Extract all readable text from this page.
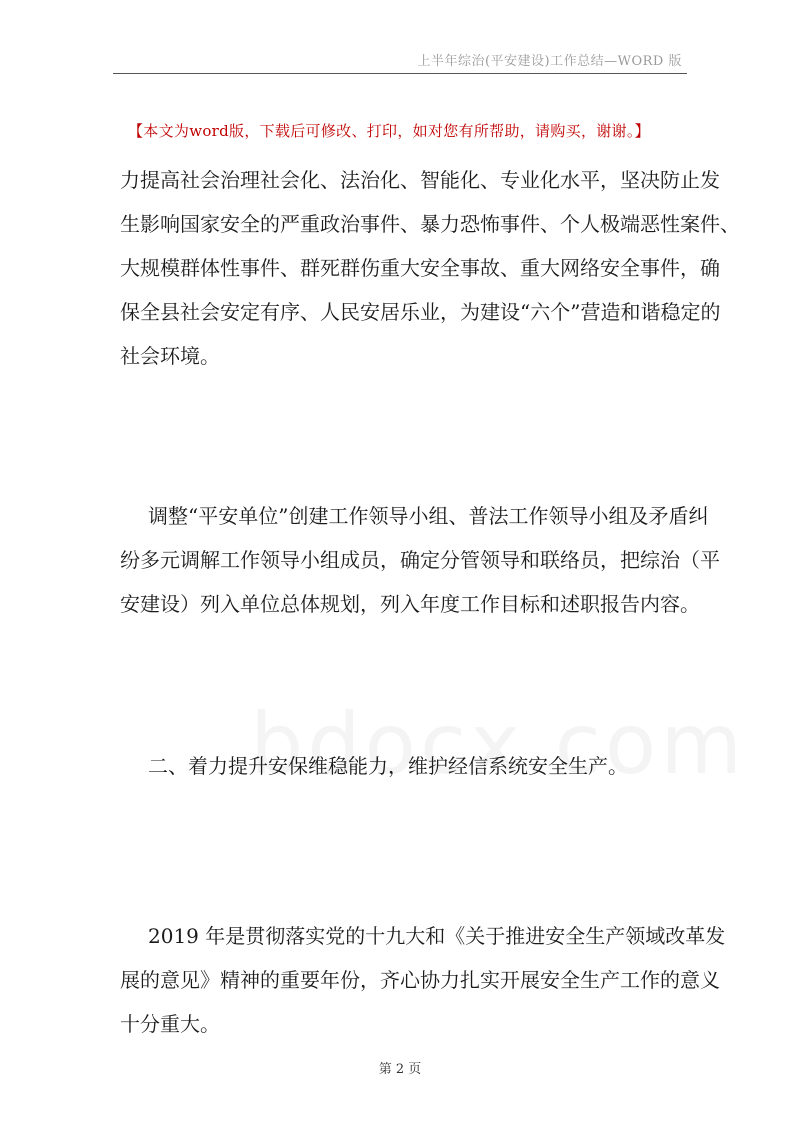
上半年综治(平安建设)工作总结—WORD 版
【本文为word版，下载后可修改、打印，如对您有所帮助，请购买，谢谢。】
力提高社会治理社会化、法治化、智能化、专业化水平，坚决防止发
生影响国家安全的严重政治事件、暴力恐怖事件、个人极端恶性案件、
大规模群体性事件、群死群伤重大安全事故、重大网络安全事件，确
保全县社会安定有序、人民安居乐业，为建设“六个”营造和谐稳定的
社会环境。
调整“平安单位”创建工作领导小组、普法工作领导小组及矛盾纠
纷多元调解工作领导小组成员，确定分管领导和联络员，把综治（平
安建设）列入单位总体规划，列入年度工作目标和述职报告内容。
二、着力提升安保维稳能力，维护经信系统安全生产。
2019 年是贯彻落实党的十九大和《关于推进安全生产领域改革发
展的意见》精神的重要年份，齐心协力扎实开展安全生产工作的意义
十分重大。
第 2 页
